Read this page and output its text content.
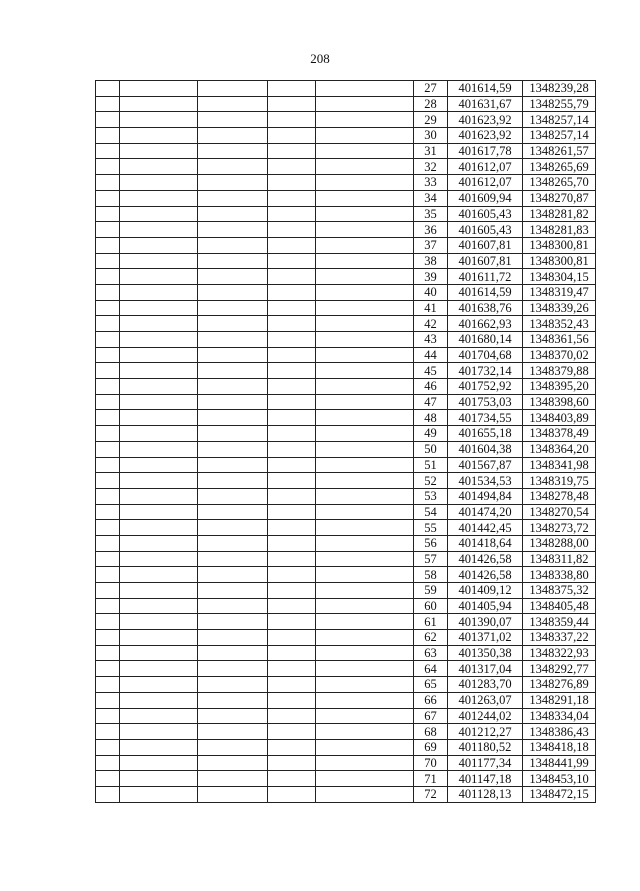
208
					27	401614,59	1348239,28
					28	401631,67	1348255,79
					29	401623,92	1348257,14
					30	401623,92	1348257,14
					31	401617,78	1348261,57
					32	401612,07	1348265,69
					33	401612,07	1348265,70
					34	401609,94	1348270,87
					35	401605,43	1348281,82
					36	401605,43	1348281,83
					37	401607,81	1348300,81
					38	401607,81	1348300,81
					39	401611,72	1348304,15
					40	401614,59	1348319,47
					41	401638,76	1348339,26
					42	401662,93	1348352,43
					43	401680,14	1348361,56
					44	401704,68	1348370,02
					45	401732,14	1348379,88
					46	401752,92	1348395,20
					47	401753,03	1348398,60
					48	401734,55	1348403,89
					49	401655,18	1348378,49
					50	401604,38	1348364,20
					51	401567,87	1348341,98
					52	401534,53	1348319,75
					53	401494,84	1348278,48
					54	401474,20	1348270,54
					55	401442,45	1348273,72
					56	401418,64	1348288,00
					57	401426,58	1348311,82
					58	401426,58	1348338,80
					59	401409,12	1348375,32
					60	401405,94	1348405,48
					61	401390,07	1348359,44
					62	401371,02	1348337,22
					63	401350,38	1348322,93
					64	401317,04	1348292,77
					65	401283,70	1348276,89
					66	401263,07	1348291,18
					67	401244,02	1348334,04
					68	401212,27	1348386,43
					69	401180,52	1348418,18
					70	401177,34	1348441,99
					71	401147,18	1348453,10
					72	401128,13	1348472,15
